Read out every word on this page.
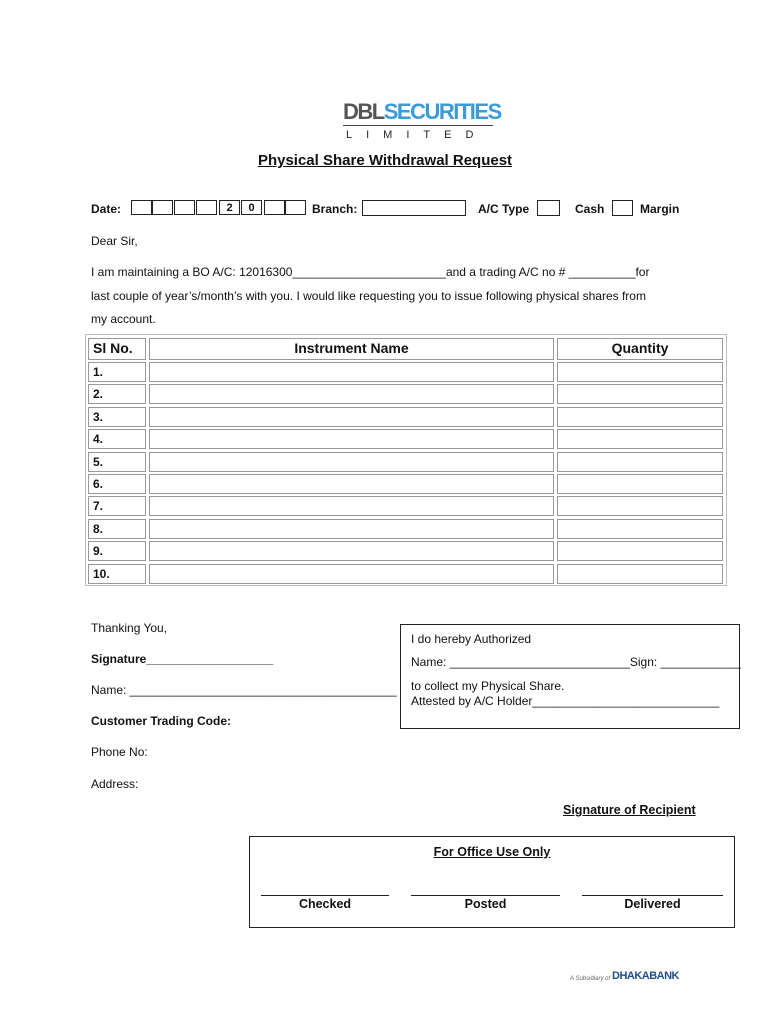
DBLSECURITIES
LIMITED
Physical Share Withdrawal Request
Date:	2	0	Branch:	A/C Type	Cash	Margin
Dear Sir,
I am maintaining a BO A/C: 12016300_______________________and a trading A/C no # __________for
last couple of year’s/month’s with you. I would like requesting you to issue following physical shares from
my account.
Sl No.	Instrument Name	Quantity
1.
2.
3.
4.
5.
6.
7.
8.
9.
10.
Thanking You,
Signature___________________
Name: ________________________________________
Customer Trading Code:
Phone No:
Address:
I do hereby Authorized
Name: ___________________________Sign: ____________
to collect my Physical Share.
Attested by A/C Holder____________________________
Signature of Recipient
For Office Use Only
Checked	Posted	Delivered
A Subsidiary of DHAKABANK
